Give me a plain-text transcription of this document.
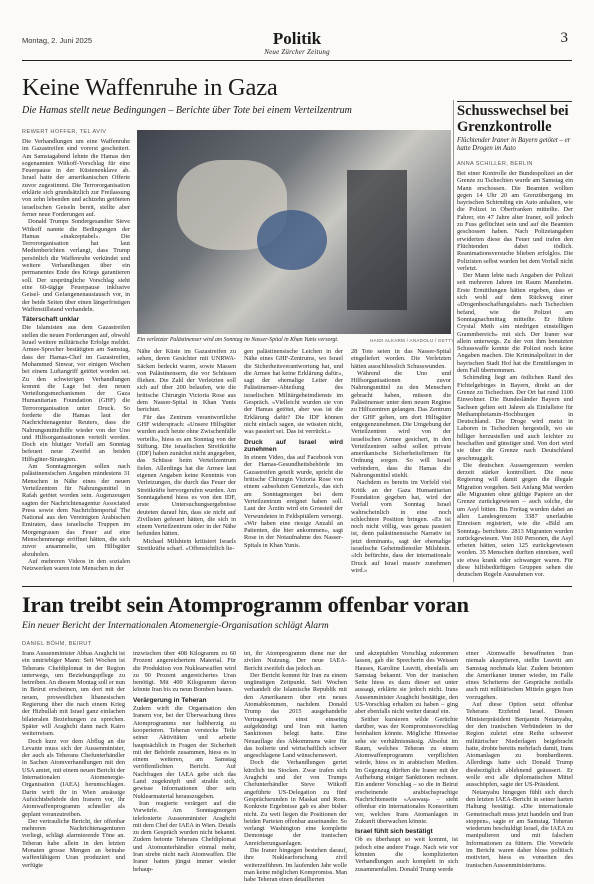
Montag, 2. Juni 2025	Politik
Neue Zürcher Zeitung
3
Keine Waffenruhe in Gaza
Die Hamas stellt neue Bedingungen – Berichte über Tote bei einem Verteilzentrum
REWERT HOFFER, TEL AVIV

Die Verhandlungen um eine Waffenruhe im Gazastreifen sind vorerst gescheitert. Am Samstagabend lehnte die Hamas den sogenannten Witkoff-Vorschlag für eine Feuerpause in der Küstenenklave ab. Israel hatte der amerikanischen Offerte zuvor zugestimmt. Die Terrororganisation erklärte sich grundsätzlich zur Freilassung von zehn lebenden und achtzehn getöteten israelischen Geiseln bereit, stellte aber ferner neue Forderungen auf.

Donald Trumps Sondergesandter Steve Witkoff nannte die Bedingungen der Hamas «inakzeptabel». Die Terrororganisation hat laut Medienberichten verlangt, dass Trump persönlich die Waffenruhe verkündet und weitere Verhandlungen über ein permanentes Ende des Kriegs garantieren soll. Der ursprüngliche Vorschlag sieht eine 60-tägige Feuerpause inklusive Geisel- und Gefangenenaustausch vor, in der beide Seiten über einen längerfristigen Waffenstillstand verhandeln.

Täterschaft unklar

Die Islamisten aus dem Gazastreifen stellen die neuen Forderungen auf, obwohl Israel weitere militärische Erfolge meldet. Armee-Sprecher bestätigten am Samstag, dass der Hamas-Chef im Gazastreifen, Mohammed Sinwar, vor einigen Wochen bei einem Luftangriff getötet worden sei. Zu den schwierigen Verhandlungen kommt die Lage bei den neuen Verteilungsmechanismen der Gaza Humanitarian Foundation (GHF) die Terrororganisation unter Druck. So forderte die Hamas laut der Nachrichtenagentur Reuters, dass die Nahrungsmittelhilfe wieder von der Uno und Hilfsorganisationen verteilt werden. Doch ein blutiger Vorfall am Sonntag befeuert neue Zweifel an beiden Hilfsgüter-Strategien.

Am Sonntagmorgen sollen nach palästinensischen Angaben mindestens 31 Menschen in Nähe eines der neuen Verteilzentren für Nahrungsmittel in Rafah getötet worden sein. Augenzeugen sagten der Nachrichtenagentur Associated Press sowie dem Nachrichtenportal The National aus den Vereinigten Arabischen Emiraten, dass israelische Truppen im Morgengrauen das Feuer auf eine Menschenmenge eröffnet hätten, die sich zuvor ansammelte, um Hilfsgüter abzuholen.

Auf mehreren Videos in den sozialen Netzwerken waren tote Menschen in der

Ein verletzter Palästinenser wird am Sonntag im Nasser-Spital in Khan Yunis versorgt.	HAIDI ALKARM / ANADOLU / GETTY

Nähe der Küste im Gazastreifen zu sehen, deren Gesichter mit UNRWA-Säcken bedeckt waren, sowie Massen von Palästinensern, die vor Schüssen fliehen. Die Zahl der Verletzten soll sich auf über 200 belaufen, wie die britische Chirurgin Victoria Rose aus dem Nasser-Spital in Khan Yunis berichtet.

Für das Zentrum verantwortliche GHF widersprach: «Unsere Hilfsgüter wurden auch heute ohne Zwischenfälle verteilt», hiess es am Sonntag von der Stiftung. Die israelischen Streitkräfte (IDF) haben zunächst nicht angegeben, das Schüsse beim Verteilzentrum fielen. Allerdings hat die Armee laut eigenen Angaben keine Kenntnis von Verletzungen, die durch das Feuer der Streitkräfte hervorgerufen wurden. Am Sonntagabend hiess es von den IDF, erste Untersuchungsergebnisse deuteten darauf hin, dass sie nicht auf Zivilisten gefeuert hätten, die sich in einem Verteilzentrum oder in der Nähe befunden hätten.

Michael Milshtein kritisiert Israels Streitkräfte scharf. «Offensichtlich lie-

gen palästinensische Leichen in der Nähe eines GHF-Zentrums, wo Israel die Sicherheitsverantwortung hat, und die Armee hat keine Erklärung dafür», sagt der ehemalige Leiter der Palästinenser-Abteilung des israelischen Militärgeheimdiensts im Gespräch. «Vielleicht wurden sie von der Hamas getötet, aber was ist die Erklärung dafür? Die IDF können nicht einfach sagen, sie wüssten nicht, was passiert sei. Das ist verrückt.»

Druck auf Israel wird zunehmen

In einem Video, das auf Facebook von der Hamas-Gesundheitsbehörde im Gazastreifen geteilt wurde, spricht die britische Chirurgin Victoria Rose von einem «absoluten Gemetzel», das sich am Sonntagmorgen bei dem Verteilzentrum ereignet haben soll. Laut der Ärztin wird ein Grossteil der Verwundeten in Feldspitälern versorgt. «Wir haben eine riesige Anzahl an Patienten, die hier ankommen», sagt Rose in der Notaufnahme des Nasser-Spitals in Khan Yunis.

28 Tote seien in das Nasser-Spital eingeliefert worden. Die Verletzten hätten ausschliesslich Schusswunden.

Während die Uno und Hilfsorganisationen zuvor Nahrungsmittel zu den Menschen gebracht haben, müssen die Palästinenser unter dem neuen Regime zu Hilfszentren gelangen. Das Zentrum der GHF gehen, um dort Hilfsgüter entgegenzunehmen. Die Umgebung der Verteilzentren wird von der israelischen Armee gesichert, in den Verteilzentren selbst sollen private amerikanische Sicherheitsfirmen für Ordnung sorgen. So will Israel verhindern, dass die Hamas die Nahrungsmittel stiehlt.

Nachdem es bereits im Vorfeld viel Kritik an der Gaza Humanitarian Foundation gegeben hat, wird der Vorfall vom Sonntag Israel wahrscheinlich in eine noch schlechtere Position bringen. «Es ist noch nicht völlig, was genau passiert ist, denn palästinensische Narrativ ist jetzt dominant», sagt der ehemalige israelische Geheimdienstler Milshtein. «Ich befürchte, dass der internationale Druck auf Israel massiv zunehmen wird.»

Schusswechsel bei Grenzkontrolle
Flüchtender Iraner in Bayern getötet – er hatte Drogen im Auto
ANNA SCHILLER, BERLIN

Bei einer Kontrolle der Bundespolizei an der Grenze zu Tschechien wurde am Samstag ein Mann erschossen. Die Beamten wollten gegen 14 Uhr 20 am Grenzübergang im bayrischen Schirnding ein Auto anhalten, wie die Polizei in Oberfranken mitteilte. Der Fahrer, ein 47 Jahre alter Iraner, soll jedoch zu Fuss geflüchtet sein und auf die Beamten geschossen haben. Nach Polizeiangaben erwiderten diese das Feuer und trafen den Flüchtenden dabei tödlich. Reanimationsversuche blieben erfolglos. Die Polizisten selbst wurden bei dem Vorfall nicht verletzt.

Der Mann lebte nach Angaben der Polizei seit mehreren Jahren im Raum Mannheim. Erste Ermittlungen hätten ergeben, dass er sich wohl auf dem Rückweg einer «Drogenbeschaffungsfahrt» nach Tschechien befand, wie die Polizei am Sonntagnachmittag mitteilte. Er führte Crystal Meth «im niedrigen einstelligen Grammbereich» mit sich. Der Iraner war allein unterwegs. Zu der von ihm benutzten Schusswaffe konnte die Polizei noch keine Angaben machen. Die Kriminalpolizei in der bayrischen Stadt Hof hat die Ermittlungen in dem Fall übernommen.

Schirnding liegt am östlichen Rand des Fichtelgebirges in Bayern, direkt an der Grenze zu Tschechien. Der Ort hat rund 1100 Einwohner. Die Bundesländer Bayern und Sachsen gelten seit Jahren als Einfallstor für Methamphetamin-Hochburgen in Deutschland. Die Droge wird meist in Laboren in Tschechien hergestellt, wo sie billiger herzustellen und auch leichter zu beschaffen und günstiger sind. Von dort wird sie über die Grenze nach Deutschland geschmuggelt.

Die deutschen Aussengrenzen werden derzeit stärker kontrolliert. Die neue Regierung will damit gegen die illegale Migration vorgehen. Seit Anfang Mai werden alle Migranten ohne gültige Papiere an der Grenze zurückgewiesen – auch solche, die um Asyl bitten. Bis Freitag wurden dabei an allen Landesgrenzen 3387 unerlaubte Einreisen registriert, wie die «Bild am Sonntag» berichtete. 2813 Migranten wurden zurückgewiesen. Von 160 Personen, die Asyl erbeten hätten, seien 125 zurückgewiesen worden. 35 Menschen durften einreisen, weil sie etwa krank oder schwanger waren. Für diese hilfsbedürftigen Gruppen sehen die deutschen Regeln Ausnahmen vor.

Iran treibt sein Atomprogramm offenbar voran
Ein neuer Bericht der Internationalen Atomenergie-Organisation schlägt Alarm
DANIEL BÖHM, BEIRUT

Irans Aussenminister Abbas Araghchi ist ein umtriebiger Mann: Seit Wochen ist Teherans Chefdiplomat in der Region unterwegs, um Beziehungspflege zu betreiben. An diesem Montag soll er nun in Beirut erscheinen, um dort mit der neuen, prowestlichen libanesischen Regierung über die nach einem Krieg der Hizbullah mit Israel ganz einfachen bilateralen Beziehungen zu sprechen. Später will Araghchi dann nach Kairo weiterreisen.

Doch kurz vor dem Abflug an die Levante muss sich der Aussenminister, der auch als Teherans Chefunterhändler in Sachen Atomverhandlungen mit den USA amtet, mit einem neuen Bericht der Internationalen Atomenergie-Organisation (IAEA) herumschlagen. Darin wirft ihr in Wien ansässige Aufsichtsbehörde den Iranern vor, ihr Atomwaffenprogramm schneller als geplant voranzutreiben.

Der vertrauliche Bericht, der offenbar mehreren Nachrichtenagenturen vorliegt, schlägt alarmierende Töne an. Teheran habe allein in den letzten Monaten grosse Mengen an beinahe waffenfähigem Uran produziert und verfügte

inzwischen über 408 Kilogramm zu 60 Prozent angereichertem Material. Für die Produktion von Nuklearwaffen wird zu 90 Prozent angereichertes Uran benötigt. Mit 400 Kilogramm davon könnte Iran bis zu neun Bomben bauen.

Verärgerung in Teheran

Zudem wirft die Organisation den Iranern vor, bei der Überwachung ihres Atomprogramms nur halbherzig zu kooperieren. Teheran verstecke Teile seiner Aktivitäten und arbeite hauptsächlich in Fragen der Sicherheit mit der Behörde zusammen, hiess es in einem weiteren, am Samstag veröffentlichten Bericht. Auf Nachfragen der IAEA gebe sich das Land zugeknöpft und strahle sich, gewisse Informationen über sein Nuklearmaterial herauszugeben.

Iran reagierte verärgert auf die Vorwürfe. Am Sonntagmorgen telefonierte Aussenminister Araghchi mit dem Chef der IAEA in Wien. Details zu dem Gespräch wurden nicht bekannt. Zudem betonte Teherans Chefdiplomat und Atomunterhändler einmal mehr, Iran strebe nicht nach Atomwaffen. Die Iraner hatten jüngst immer wieder behaup-

tet, ihr Atomprogramm diene nur der zivilen Nutzung. Der neue IAEA-Bericht zweifelt das jedoch an.

Der Bericht kommt für Iran zu einem ungünstigen Zeitpunkt. Seit Wochen verhandelt die Islamische Republik mit den Amerikanern über ein neues Atomabkommen, nachdem Donald Trump das 2015 ausgehandelte Vertragswerk einst einseitig aufgekündigt und Iran mit harten Sanktionen belegt hatte. Eine Neuauflage des Abkommens wäre für das isolierte und wirtschaftlich schwer angeschlagene Land wünschenswert.

Doch die Verhandlungen geriet kürzlich ins Stocken. Zwar trafen sich Araghchi und der von Trumps Chefunterhändler Steve Witkoff angeführte US-Delegation zu fünf Gesprächsrunden in Maskat und Rom. Konkrete Ergebnisse gab es aber bisher nicht. Zu weit liegen die Positionen der beiden Parteien offenbar auseinander. So verlangt Washington eine komplette Demontage der iranischen Anreicherungsanlagen.

Die Iraner hingegen bestehen darauf, ihre Nuklearforschung zivil weiterzuführen. Im laufenden Jahr wolle man keine möglichen Kompromiss. Man habe Teheran einen detaillierten

und akzeptablen Vorschlag zukommen lassen, gab die Sprecherin des Weissen Hauses, Karoline Leavitt, ebenfalls am Samstag bekannt. Von der iranischen Seite hiess es dazu dieser sei unter aussagt, erklärte sie jedoch nicht. Irans Aussenminister Araghchi bestätigte, den US-Vorschlag erhalten zu haben – ging aber ebenfalls nicht weiter darauf ein.

Seither kursieren wilde Gerüchte darüber, was der Kompromissvorschlag beinhalten könnte. Mögliche Hinweise sehe sie verhältnismässig. Absolut im Raum, welches Teheran zu einem Atomwaffenprogramm verpflichten würde, hiess es in arabischen Medien. Im Gegenzug dürften die Iraner mit der Aufhebung einiger Sanktionen rechnen. Ein anderer Vorschlag – so die in Beirut erscheinende arabischsprachige Nachrichtenseite «Asswaq» – sieht offenbar ein internationales Konsortium vor, welches Irans Atomanlagen in Zukunft überwachen könnte.

Israel fühlt sich bestätigt

Ob es überhaupt so weit kommt, ist jedoch eine andere Frage. Nach wie vor könnten die komplizierten Verhandlungen auch komplett in sich zusammenfallen. Donald Trump werde

einer Atomwaffe bewaffneten Iran niemals akzeptieren, stellte Leavitt am Samstag nochmals klar. Zudem betonten die Amerikaner immer wieder, im Falle eines Scheiterns der Gespräche notfalls auch mit militärischen Mitteln gegen Iran vorzugehen.

Auf diese Option setzt offenbar Teherans Erzfeind Israel. Dessen Ministerpräsident Benjamin Netanyahu, der den iranischen Verbündeten in der Region zuletzt eine Reihe schwerer militärischer Niederlagen beigebracht hatte, drohte bereits mehrfach damit, Irans Atomanlagen zu bombardieren. Allerdings hatte sich Donald Trump diesbezüglich ablehnend geäussert. Er wolle erst alle diplomatischen Mittel ausschöpfen, sagte der US-Präsident.

Netanyahu hingegen fühlt sich durch den letzten IAEA-Bericht in seiner harten Haltung bestätigt. «Die internationale Gemeinschaft muss jetzt handeln und Iran stoppen», sagte er am Samstag. Teheran wiederum beschuldigt Israel, die IAEA zu manipulieren und mit falschen Informationen zu füttern. Die Vorwürfe im Bericht waren daher bloss politisch motiviert, hiess es vonseiten des iranischen Aussenministeriums.
